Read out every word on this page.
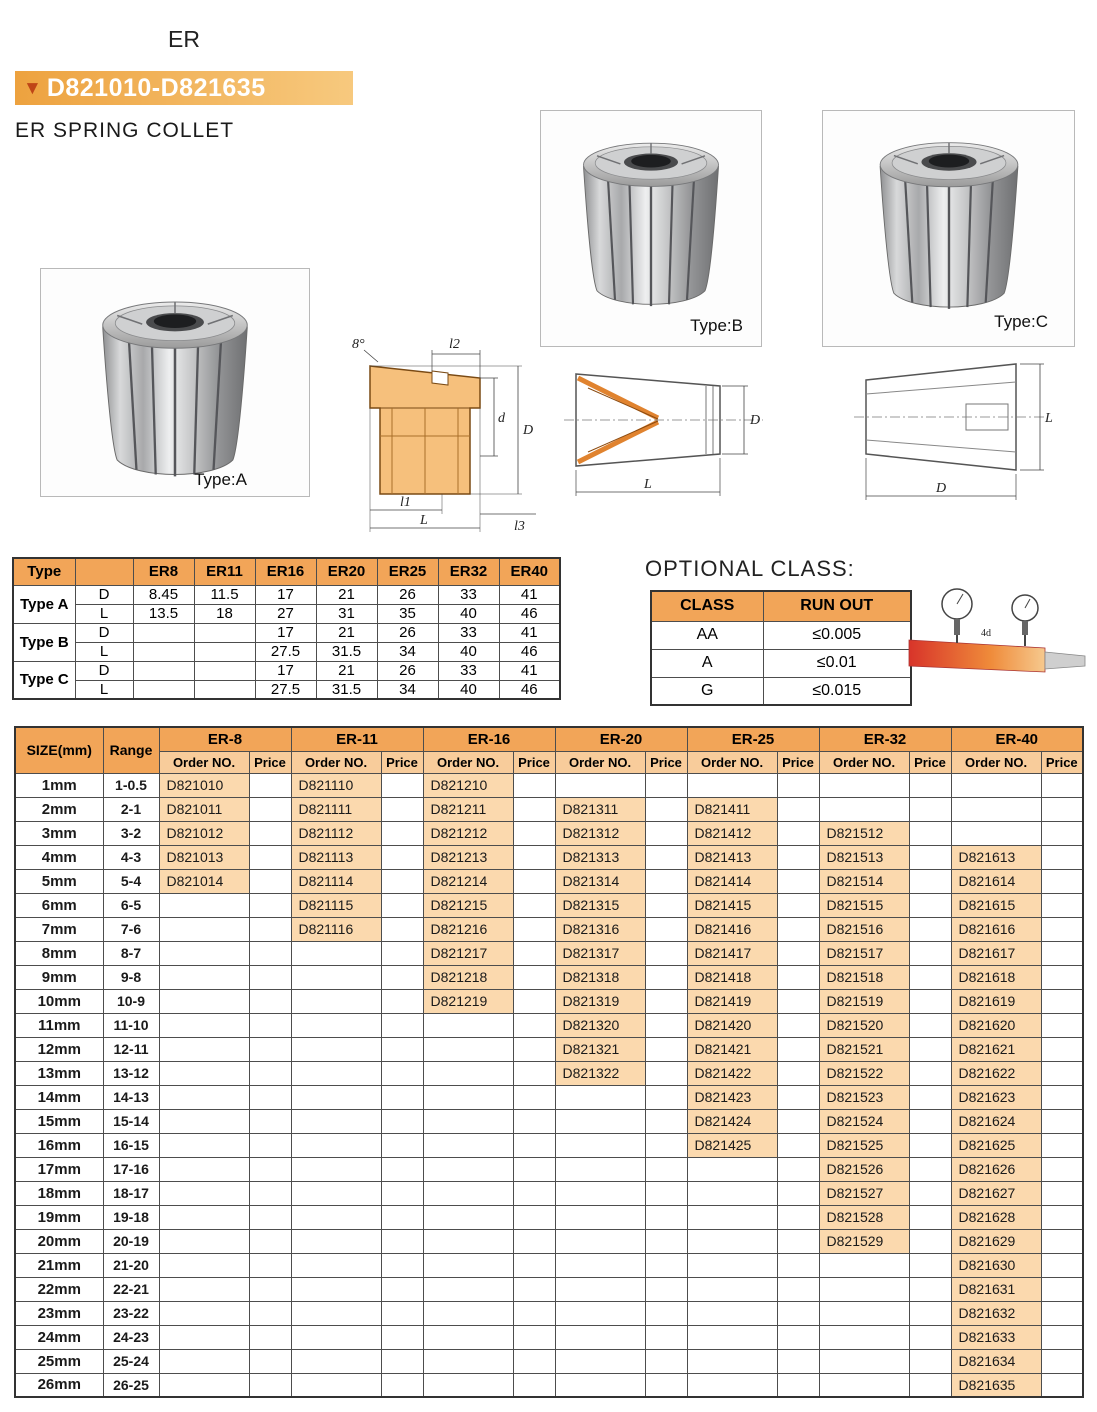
ER
▼ D821010-D821635
ER SPRING COLLET
Type:A
Type:B	Type:C
8°	l2
d
D
l1
L	l3
D
L
L
D
Type		ER8	ER11	ER16	ER20	ER25	ER32	ER40
Type A	D	8.45	11.5	17	21	26	33	41
	L	13.5	18	27	31	35	40	46
Type B	D			17	21	26	33	41
	L			27.5	31.5	34	40	46
Type C	D			17	21	26	33	41
	L			27.5	31.5	34	40	46
OPTIONAL CLASS:
CLASS	RUN OUT
AA	≤0.005
A	≤0.01
G	≤0.015
4d
SIZE(mm)	Range	ER-8		ER-11		ER-16		ER-20		ER-25		ER-32		ER-40	
		Order NO.	Price	Order NO.	Price	Order NO.	Price	Order NO.	Price	Order NO.	Price	Order NO.	Price	Order NO.	Price
1mm	1-0.5	D821010		D821110		D821210									
2mm	2-1	D821011		D821111		D821211		D821311		D821411					
3mm	3-2	D821012		D821112		D821212		D821312		D821412		D821512			
4mm	4-3	D821013		D821113		D821213		D821313		D821413		D821513		D821613	
5mm	5-4	D821014		D821114		D821214		D821314		D821414		D821514		D821614	
6mm	6-5			D821115		D821215		D821315		D821415		D821515		D821615	
7mm	7-6			D821116		D821216		D821316		D821416		D821516		D821616	
8mm	8-7					D821217		D821317		D821417		D821517		D821617	
9mm	9-8					D821218		D821318		D821418		D821518		D821618	
10mm	10-9					D821219		D821319		D821419		D821519		D821619	
11mm	11-10							D821320		D821420		D821520		D821620	
12mm	12-11							D821321		D821421		D821521		D821621	
13mm	13-12							D821322		D821422		D821522		D821622	
14mm	14-13									D821423		D821523		D821623	
15mm	15-14									D821424		D821524		D821624	
16mm	16-15									D821425		D821525		D821625	
17mm	17-16											D821526		D821626	
18mm	18-17											D821527		D821627	
19mm	19-18											D821528		D821628	
20mm	20-19											D821529		D821629	
21mm	21-20													D821630	
22mm	22-21													D821631	
23mm	23-22													D821632	
24mm	24-23													D821633	
25mm	25-24													D821634	
26mm	26-25													D821635	
